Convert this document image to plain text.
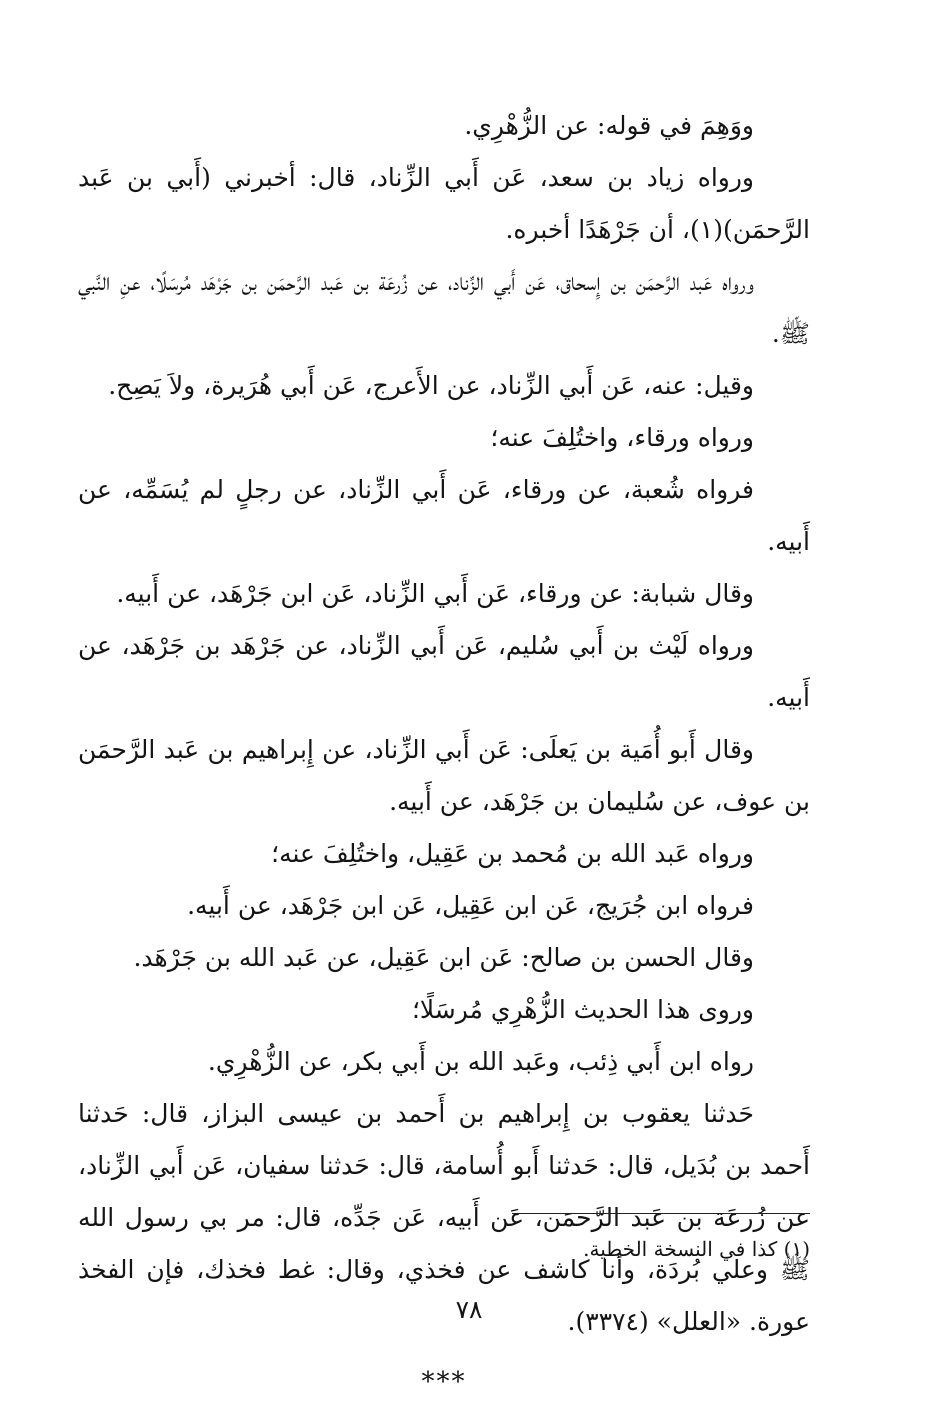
ووَهِمَ في قوله: عن الزُّهْرِي.

ورواه زياد بن سعد، عَن أَبي الزِّناد، قال: أخبرني (أَبي بن عَبد الرَّحمَن)(١)، أن جَرْهَدًا أخبره.

ورواه عَبد الرَّحمَن بن إِسحاق، عَن أَبي الزِّناد، عن زُرعَة بن عَبد الرَّحمَن بن جَرْهَد مُرسَلًا، عنِ النَّبي ﷺ.

وقيل: عنه، عَن أَبي الزِّناد، عن الأَعرج، عَن أَبي هُرَيرة، ولاَ يَصِح.

ورواه ورقاء، واختُلِفَ عنه؛

فرواه شُعبة، عن ورقاء، عَن أَبي الزِّناد، عن رجلٍ لم يُسَمِّه، عن أَبيه.

وقال شبابة: عن ورقاء، عَن أَبي الزِّناد، عَن ابن جَرْهَد، عن أَبيه.

ورواه لَيْث بن أَبي سُليم، عَن أَبي الزِّناد، عن جَرْهَد بن جَرْهَد، عن أَبيه.

وقال أَبو أُمَية بن يَعلَى: عَن أَبي الزِّناد، عن إِبراهيم بن عَبد الرَّحمَن بن عوف، عن سُليمان بن جَرْهَد، عن أَبيه.

ورواه عَبد الله بن مُحمد بن عَقِيل، واختُلِفَ عنه؛

فرواه ابن جُرَيج، عَن ابن عَقِيل، عَن ابن جَرْهَد، عن أَبيه.

وقال الحسن بن صالح: عَن ابن عَقِيل، عن عَبد الله بن جَرْهَد.

وروى هذا الحديث الزُّهْرِي مُرسَلًا؛

رواه ابن أَبي ذِئب، وعَبد الله بن أَبي بكر، عن الزُّهْرِي.

حَدثنا يعقوب بن إِبراهيم بن أَحمد بن عيسى البزاز، قال: حَدثنا أَحمد بن بُدَيل، قال: حَدثنا أَبو أُسامة، قال: حَدثنا سفيان، عَن أَبي الزِّناد، عن زُرعَة بن عَبد الرَّحمَن، عَن أَبيه، عَن جَدِّه، قال: مر بي رسول الله ﷺ وعلي بُردَة، وأنا كاشف عن فخذي، وقال: غط فخذك، فإن الفخذ عورة. «العلل» (٣٣٧٤).

***

(١) كذا في النسخة الخطية.

٧٨
